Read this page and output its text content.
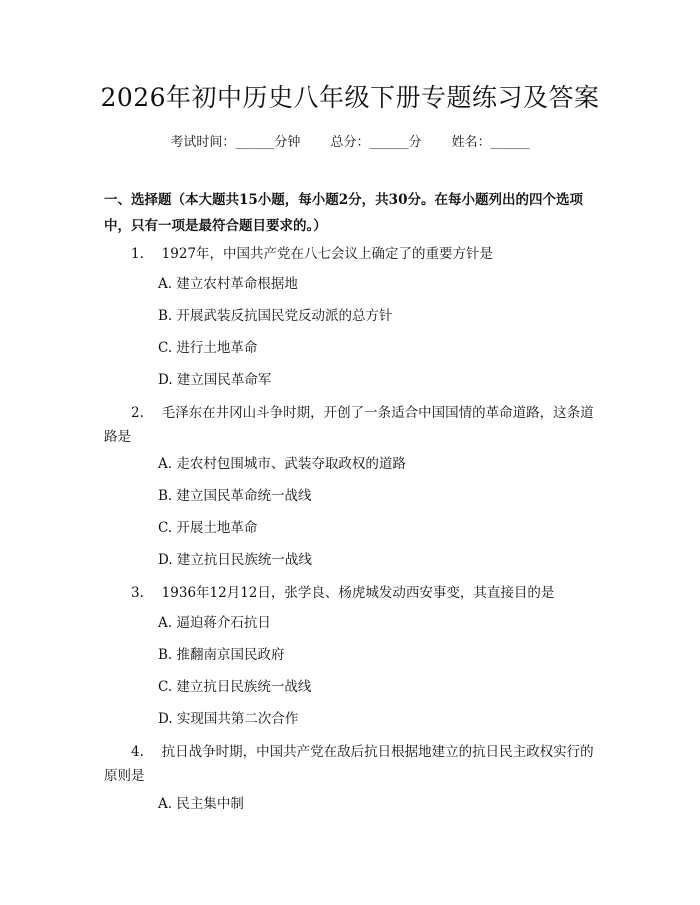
2026年初中历史八年级下册专题练习及答案
考试时间：______分钟 总分：______分 姓名：______
一、选择题（本大题共15小题，每小题2分，共30分。在每小题列出的四个选项中，只有一项是最符合题目要求的。）
1.　 1927年，中国共产党在八七会议上确定了的重要方针是
A. 建立农村革命根据地
B. 开展武装反抗国民党反动派的总方针
C. 进行土地革命
D. 建立国民革命军
2.　 毛泽东在井冈山斗争时期，开创了一条适合中国国情的革命道路，这条道路是
A. 走农村包围城市、武装夺取政权的道路
B. 建立国民革命统一战线
C. 开展土地革命
D. 建立抗日民族统一战线
3.　 1936年12月12日，张学良、杨虎城发动西安事变，其直接目的是
A. 逼迫蒋介石抗日
B. 推翻南京国民政府
C. 建立抗日民族统一战线
D. 实现国共第二次合作
4.　 抗日战争时期，中国共产党在敌后抗日根据地建立的抗日民主政权实行的原则是
A. 民主集中制
